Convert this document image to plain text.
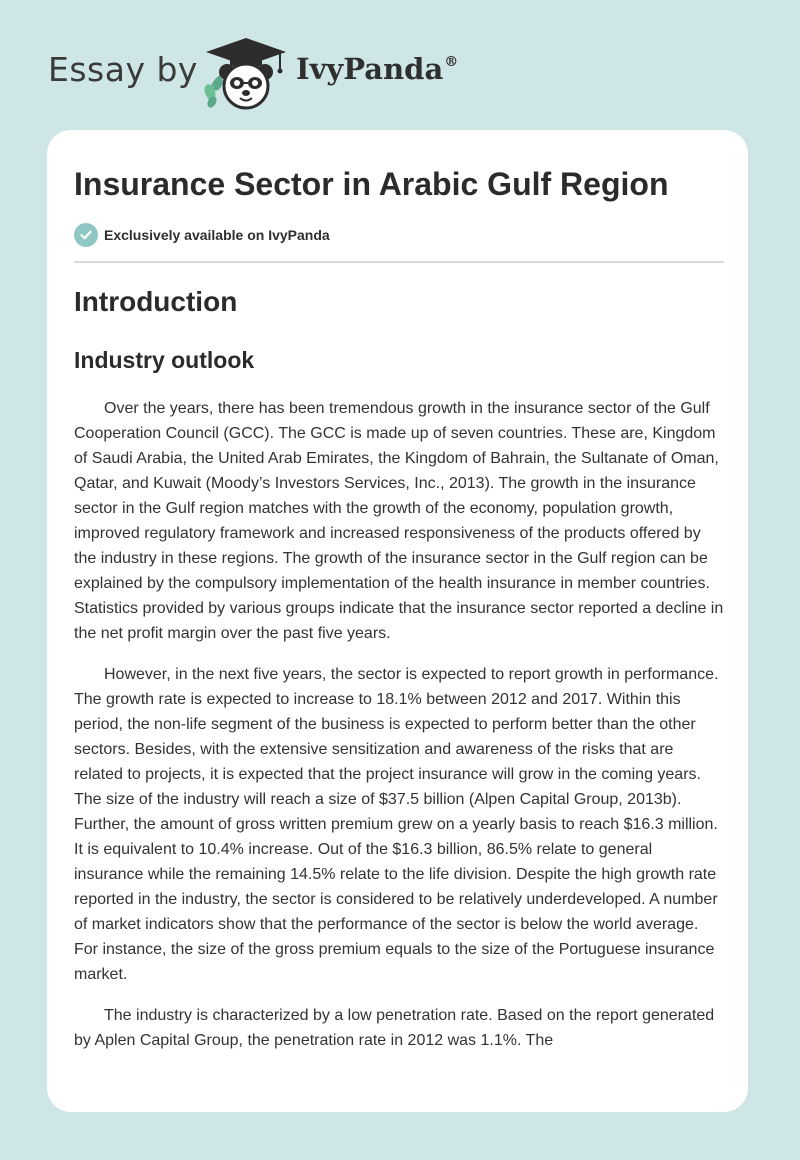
Essay by	IvyPanda®
Insurance Sector in Arabic Gulf Region
Exclusively available on IvyPanda
Introduction
Industry outlook

Over the years, there has been tremendous growth in the insurance sector of the Gulf Cooperation Council (GCC). The GCC is made up of seven countries. These are, Kingdom of Saudi Arabia, the United Arab Emirates, the Kingdom of Bahrain, the Sultanate of Oman, Qatar, and Kuwait (Moody’s Investors Services, Inc., 2013). The growth in the insurance sector in the Gulf region matches with the growth of the economy, population growth, improved regulatory framework and increased responsiveness of the products offered by the industry in these regions. The growth of the insurance sector in the Gulf region can be explained by the compulsory implementation of the health insurance in member countries. Statistics provided by various groups indicate that the insurance sector reported a decline in the net profit margin over the past five years.

However, in the next five years, the sector is expected to report growth in performance. The growth rate is expected to increase to 18.1% between 2012 and 2017. Within this period, the non-life segment of the business is expected to perform better than the other sectors. Besides, with the extensive sensitization and awareness of the risks that are related to projects, it is expected that the project insurance will grow in the coming years. The size of the industry will reach a size of $37.5 billion (Alpen Capital Group, 2013b). Further, the amount of gross written premium grew on a yearly basis to reach $16.3 million. It is equivalent to 10.4% increase. Out of the $16.3 billion, 86.5% relate to general insurance while the remaining 14.5% relate to the life division. Despite the high growth rate reported in the industry, the sector is considered to be relatively underdeveloped. A number of market indicators show that the performance of the sector is below the world average. For instance, the size of the gross premium equals to the size of the Portuguese insurance market.

The industry is characterized by a low penetration rate. Based on the report generated by Aplen Capital Group, the penetration rate in 2012 was 1.1%. The
